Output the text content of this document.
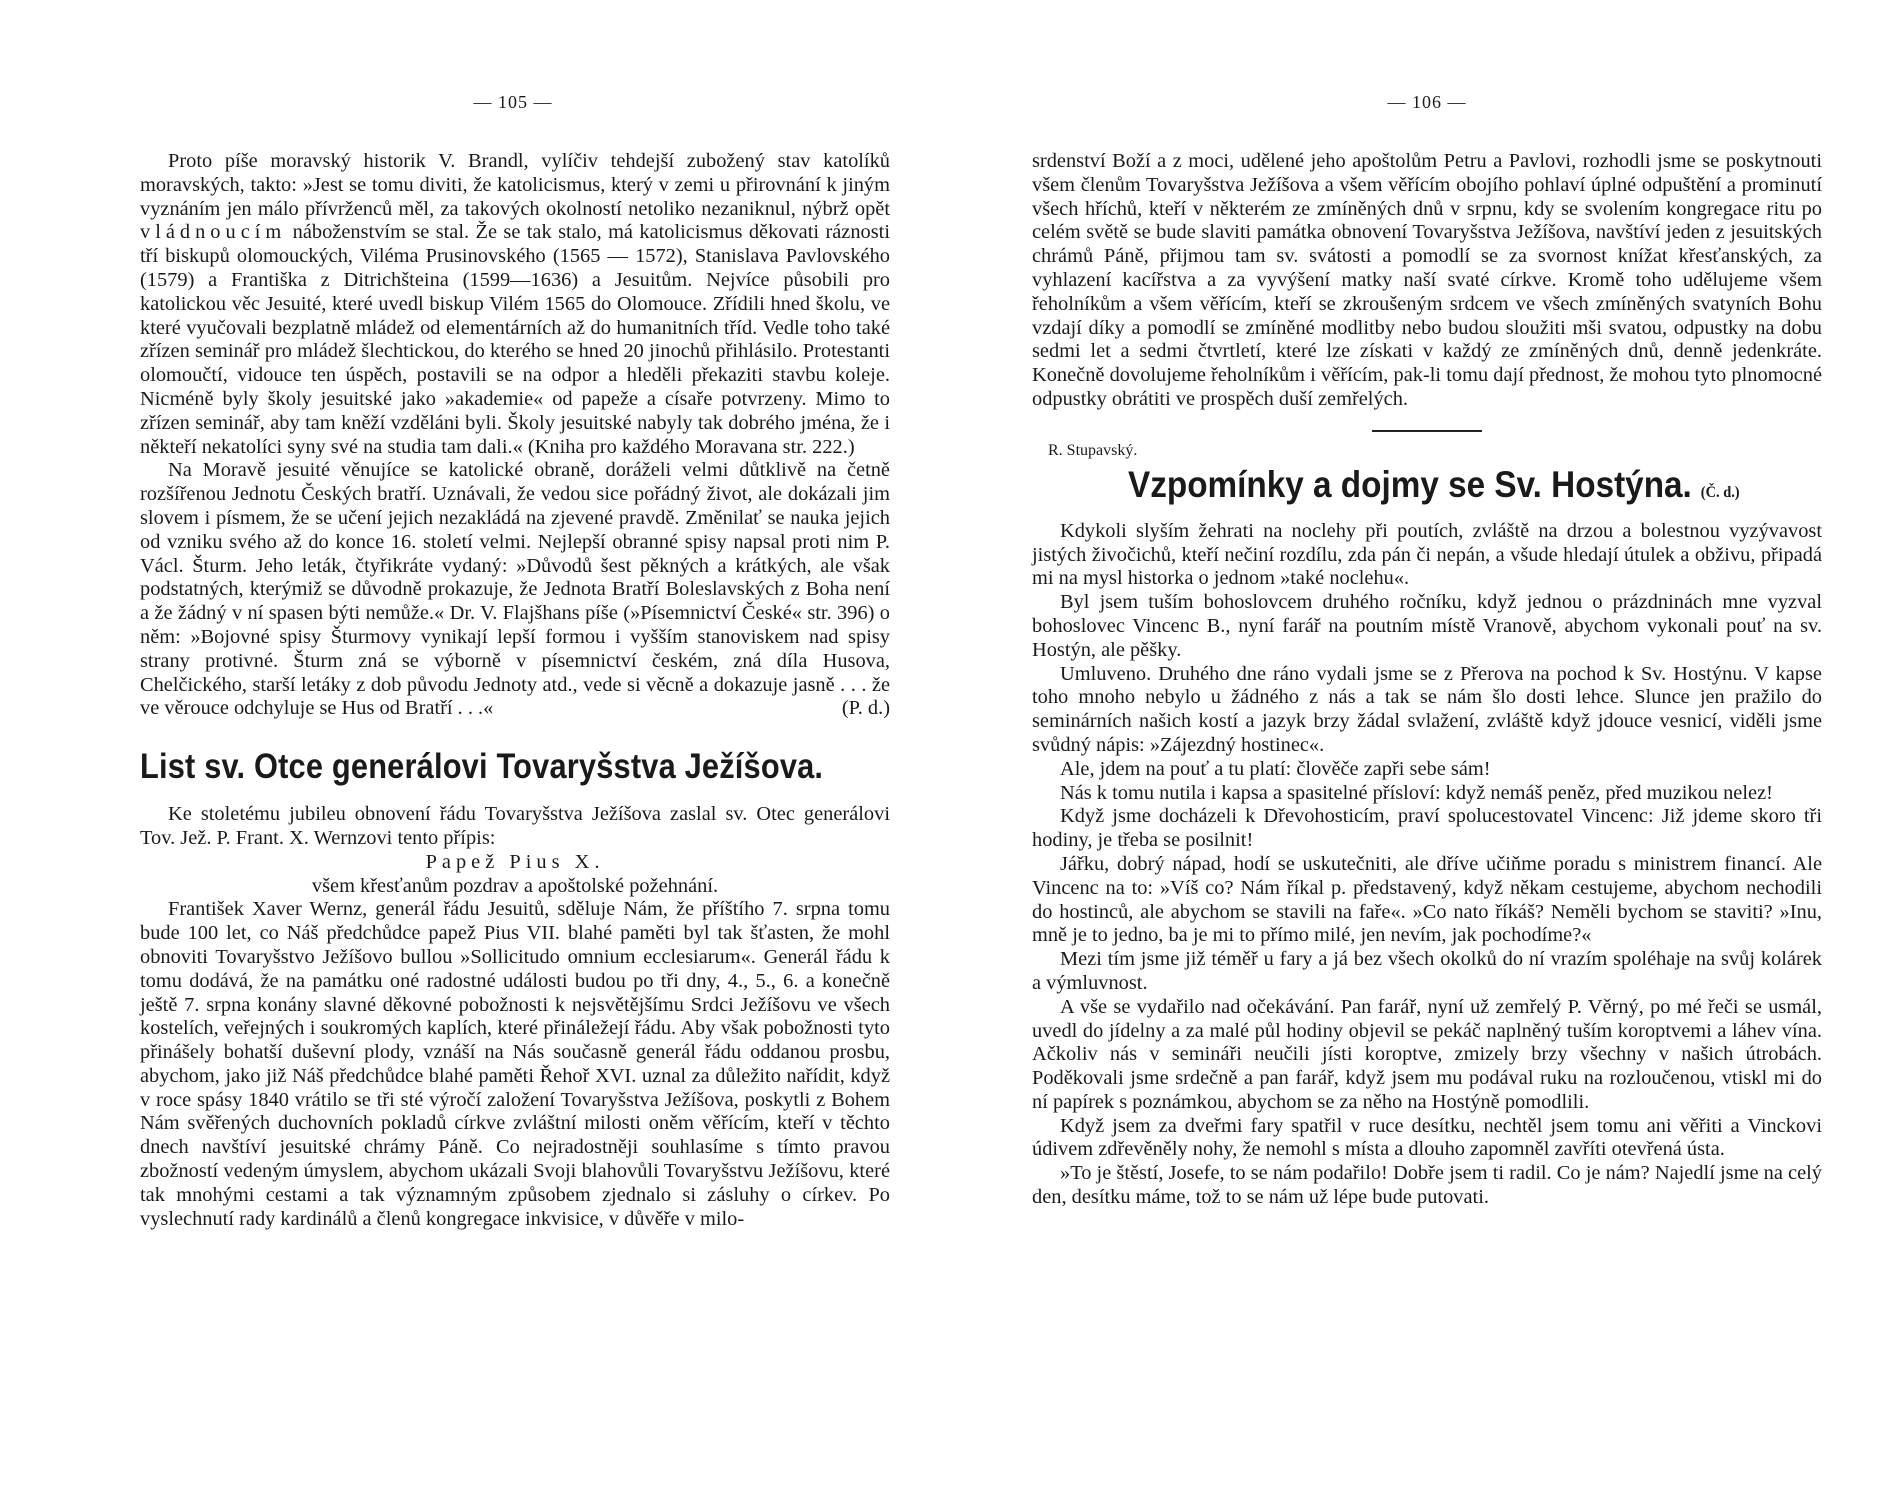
— 105 —

Proto píše moravský historik V. Brandl, vylíčiv tehdejší zubožený stav katolíků moravských, takto: »Jest se tomu diviti, že katolicismus, který v zemi u přirovnání k jiným vyznáním jen málo přívrženců měl, za takových okolností netoliko nezaniknul, nýbrž opět vládnoucím náboženstvím se stal. Že se tak stalo, má katolicismus děkovati ráznosti tří biskupů olomouckých, Viléma Prusinovského (1565 — 1572), Stanislava Pavlovského (1579) a Františka z Ditrichšteina (1599—1636) a Jesuitům. Nejvíce působili pro katolickou věc Jesuité, které uvedl biskup Vilém 1565 do Olomouce. Zřídili hned školu, ve které vyučovali bezplatně mládež od elementárních až do humanitních tříd. Vedle toho také zřízen seminář pro mládež šlechtickou, do kterého se hned 20 jinochů přihlásilo. Protestanti olomoučtí, vidouce ten úspěch, postavili se na odpor a hleděli překaziti stavbu koleje. Nicméně byly školy jesuitské jako »akademie« od papeže a císaře potvrzeny. Mimo to zřízen seminář, aby tam kněží vzděláni byli. Školy jesuitské nabyly tak dobrého jména, že i někteří nekatolíci syny své na studia tam dali.« (Kniha pro každého Moravana str. 222.)

Na Moravě jesuité věnujíce se katolické obraně, doráželi velmi důtklivě na četně rozšířenou Jednotu Českých bratří. Uznávali, že vedou sice pořádný život, ale dokázali jim slovem i písmem, že se učení jejich nezakládá na zjevené pravdě. Změnilať se nauka jejich od vzniku svého až do konce 16. století velmi. Nejlepší obranné spisy napsal proti nim P. Václ. Šturm. Jeho leták, čtyřikráte vydaný: »Důvodů šest pěkných a krátkých, ale však podstatných, kterýmiž se důvodně prokazuje, že Jednota Bratří Boleslavských z Boha není a že žádný v ní spasen býti nemůže.« Dr. V. Flajšhans píše (»Písemnictví České« str. 396) o něm: »Bojovné spisy Šturmovy vynikají lepší formou i vyšším stanoviskem nad spisy strany protivné. Šturm zná se výborně v písemnictví českém, zná díla Husova, Chelčického, starší letáky z dob původu Jednoty atd., vede si věcně a dokazuje jasně . . . že ve věrouce odchyluje se Hus od Bratří . . .«	(P. d.)

List sv. Otce generálovi Tovaryšstva Ježíšova.

Ke stoletému jubileu obnovení řádu Tovaryšstva Ježíšova zaslal sv. Otec generálovi Tov. Jež. P. Frant. X. Wernzovi tento přípis:

Papež Pius X.

všem křesťanům pozdrav a apoštolské požehnání.

František Xaver Wernz, generál řádu Jesuitů, sděluje Nám, že příštího 7. srpna tomu bude 100 let, co Náš předchůdce papež Pius VII. blahé paměti byl tak šťasten, že mohl obnoviti Tovaryšstvo Ježíšovo bullou »Sollicitudo omnium ecclesiarum«. Generál řádu k tomu dodává, že na památku oné radostné události budou po tři dny, 4., 5., 6. a konečně ještě 7. srpna konány slavné děkovné pobožnosti k nejsvětějšímu Srdci Ježíšovu ve všech kostelích, veřejných i soukromých kaplích, které přináležejí řádu. Aby však pobožnosti tyto přinášely bohatší duševní plody, vznáší na Nás současně generál řádu oddanou prosbu, abychom, jako již Náš předchůdce blahé paměti Řehoř XVI. uznal za důležito nařídit, když v roce spásy 1840 vrátilo se tři sté výročí založení Tovaryšstva Ježíšova, poskytli z Bohem Nám svěřených duchovních pokladů církve zvláštní milosti oněm věřícím, kteří v těchto dnech navštíví jesuitské chrámy Páně. Co nejradostněji souhlasíme s tímto pravou zbožností vedeným úmyslem, abychom ukázali Svoji blahovůli Tovaryšstvu Ježíšovu, které tak mnohými cestami a tak významným způsobem zjednalo si zásluhy o církev. Po vyslechnutí rady kardinálů a členů kongregace inkvisice, v důvěře v milo-

— 106 —

srdenství Boží a z moci, udělené jeho apoštolům Petru a Pavlovi, rozhodli jsme se poskytnouti všem členům Tovaryšstva Ježíšova a všem věřícím obojího pohlaví úplné odpuštění a prominutí všech hříchů, kteří v některém ze zmíněných dnů v srpnu, kdy se svolením kongregace ritu po celém světě se bude slaviti památka obnovení Tovaryšstva Ježíšova, navštíví jeden z jesuitských chrámů Páně, přijmou tam sv. svátosti a pomodlí se za svornost knížat křesťanských, za vyhlazení kacířstva a za vyvýšení matky naší svaté církve. Kromě toho udělujeme všem řeholníkům a všem věřícím, kteří se zkroušeným srdcem ve všech zmíněných svatyních Bohu vzdají díky a pomodlí se zmíněné modlitby nebo budou sloužiti mši svatou, odpustky na dobu sedmi let a sedmi čtvrtletí, které lze získati v každý ze zmíněných dnů, denně jedenkráte. Konečně dovolujeme řeholníkům i věřícím, pak-li tomu dají přednost, že mohou tyto plnomocné odpustky obrátiti ve prospěch duší zemřelých.

R. Stupavský.
Vzpomínky a dojmy se Sv. Hostýna. (Č. d.)

Kdykoli slyším žehrati na noclehy při poutích, zvláště na drzou a bolestnou vyzývavost jistých živočichů, kteří nečiní rozdílu, zda pán či nepán, a všude hledají útulek a obživu, připadá mi na mysl historka o jednom »také noclehu«.

Byl jsem tuším bohoslovcem druhého ročníku, když jednou o prázdninách mne vyzval bohoslovec Vincenc B., nyní farář na poutním místě Vranově, abychom vykonali pouť na sv. Hostýn, ale pěšky.

Umluveno. Druhého dne ráno vydali jsme se z Přerova na pochod k Sv. Hostýnu. V kapse toho mnoho nebylo u žádného z nás a tak se nám šlo dosti lehce. Slunce jen pražilo do seminárních našich kostí a jazyk brzy žádal svlažení, zvláště když jdouce vesnicí, viděli jsme svůdný nápis: »Zájezdný hostinec«.

Ale, jdem na pouť a tu platí: člověče zapři sebe sám!

Nás k tomu nutila i kapsa a spasitelné přísloví: když nemáš peněz, před muzikou nelez!

Když jsme docházeli k Dřevohosticím, praví spolucestovatel Vincenc: Již jdeme skoro tři hodiny, je třeba se posilnit!

Jářku, dobrý nápad, hodí se uskutečniti, ale dříve učiňme poradu s ministrem financí. Ale Vincenc na to: »Víš co? Nám říkal p. představený, když někam cestujeme, abychom nechodili do hostinců, ale abychom se stavili na faře«. »Co nato říkáš? Neměli bychom se staviti? »Inu, mně je to jedno, ba je mi to přímo milé, jen nevím, jak pochodíme?«

Mezi tím jsme již téměř u fary a já bez všech okolků do ní vrazím spoléhaje na svůj kolárek a výmluvnost.

A vše se vydařilo nad očekávání. Pan farář, nyní už zemřelý P. Věrný, po mé řeči se usmál, uvedl do jídelny a za malé půl hodiny objevil se pekáč naplněný tuším koroptvemi a láhev vína. Ačkoliv nás v semináři neučili jísti koroptve, zmizely brzy všechny v našich útrobách. Poděkovali jsme srdečně a pan farář, když jsem mu podával ruku na rozloučenou, vtiskl mi do ní papírek s poznámkou, abychom se za něho na Hostýně pomodlili.

Když jsem za dveřmi fary spatřil v ruce desítku, nechtěl jsem tomu ani věřiti a Vinckovi údivem zdřevěněly nohy, že nemohl s místa a dlouho zapomněl zavříti otevřená ústa.

»To je štěstí, Josefe, to se nám podařilo! Dobře jsem ti radil. Co je nám? Najedlí jsme na celý den, desítku máme, tož to se nám už lépe bude putovati.
